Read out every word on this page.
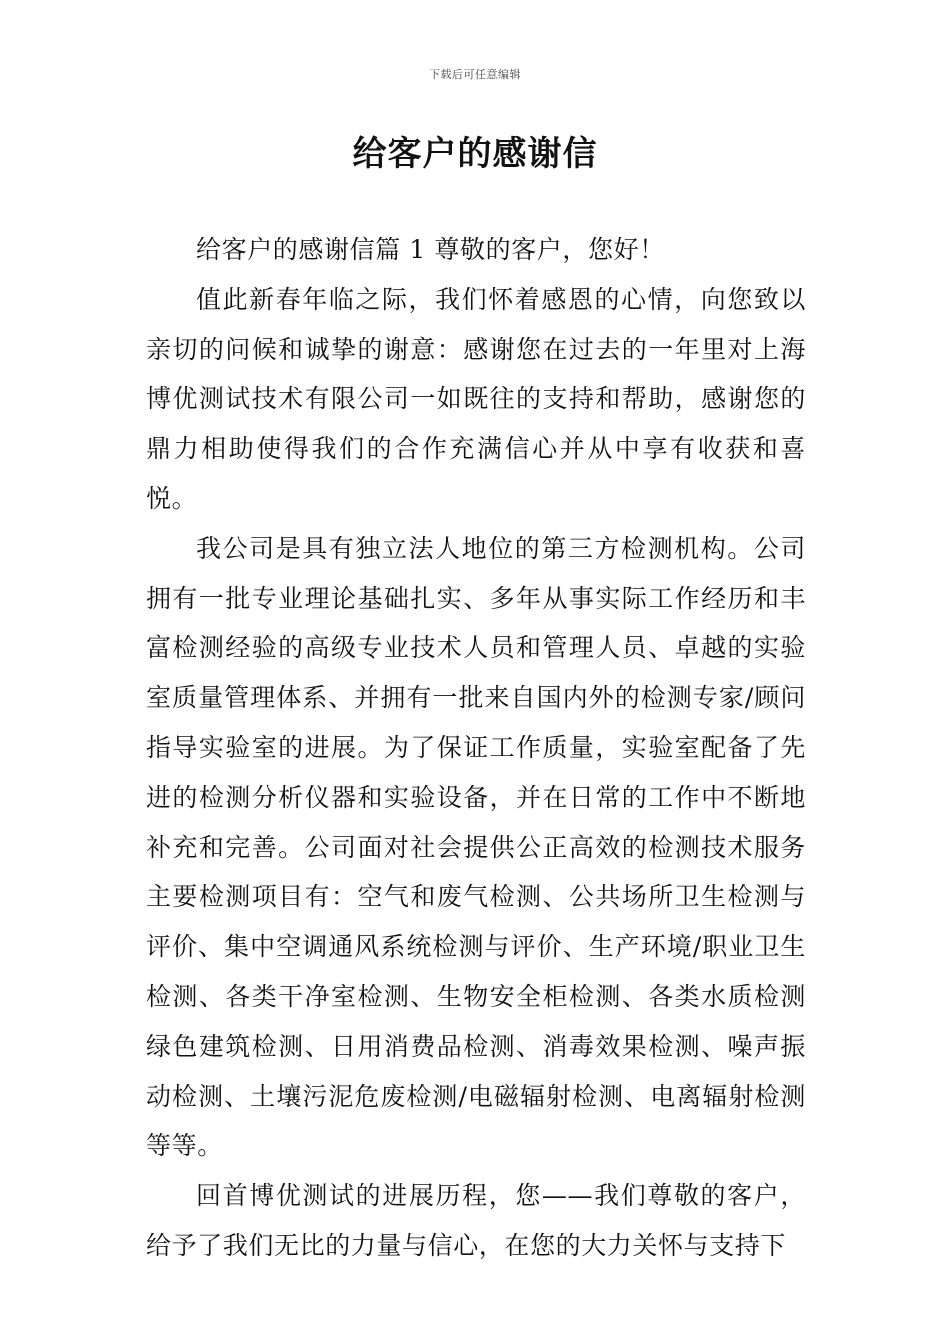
下载后可任意编辑
给客户的感谢信

给客户的感谢信篇 1 尊敬的客户，您好！

值此新春年临之际，我们怀着感恩的心情，向您致以亲切的问候和诚挚的谢意：感谢您在过去的一年里对上海博优测试技术有限公司一如既往的支持和帮助，感谢您的鼎力相助使得我们的合作充满信心并从中享有收获和喜悦。

我公司是具有独立法人地位的第三方检测机构。公司拥有一批专业理论基础扎实、多年从事实际工作经历和丰富检测经验的高级专业技术人员和管理人员、卓越的实验室质量管理体系、并拥有一批来自国内外的检测专家/顾问指导实验室的进展。为了保证工作质量，实验室配备了先进的检测分析仪器和实验设备，并在日常的工作中不断地补充和完善。公司面对社会提供公正高效的检测技术服务主要检测项目有：空气和废气检测、公共场所卫生检测与评价、集中空调通风系统检测与评价、生产环境/职业卫生检测、各类干净室检测、生物安全柜检测、各类水质检测绿色建筑检测、日用消费品检测、消毒效果检测、噪声振动检测、土壤污泥危废检测/电磁辐射检测、电离辐射检测等等。

回首博优测试的进展历程，您——我们尊敬的客户，给予了我们无比的力量与信心，在您的大力关怀与支持下
